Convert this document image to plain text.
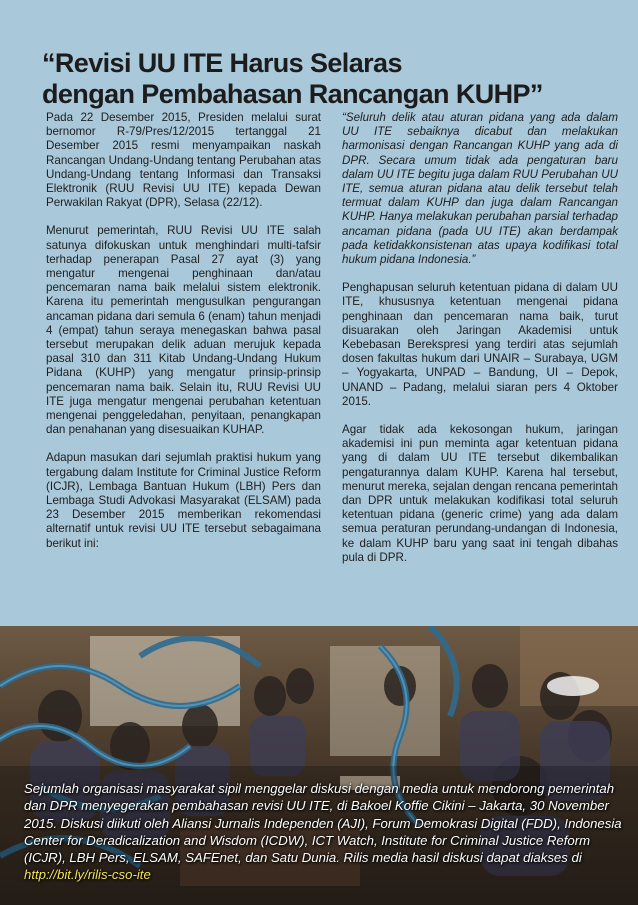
“Revisi UU ITE Harus Selaras
dengan Pembahasan Rancangan KUHP”

Pada 22 Desember 2015, Presiden melalui surat bernomor R-79/Pres/12/2015 tertanggal 21 Desember 2015 resmi menyampaikan naskah Rancangan Undang-Undang tentang Perubahan atas Undang-Undang tentang Informasi dan Transaksi Elektronik (RUU Revisi UU ITE) kepada Dewan Perwakilan Rakyat (DPR), Selasa (22/12).

Menurut pemerintah, RUU Revisi UU ITE salah satunya difokuskan untuk menghindari multi-tafsir terhadap penerapan Pasal 27 ayat (3) yang mengatur mengenai penghinaan dan/atau pencemaran nama baik melalui sistem elektronik. Karena itu pemerintah mengusulkan pengurangan ancaman pidana dari semula 6 (enam) tahun menjadi 4 (empat) tahun seraya menegaskan bahwa pasal tersebut merupakan delik aduan merujuk kepada pasal 310 dan 311 Kitab Undang-Undang Hukum Pidana (KUHP) yang mengatur prinsip-prinsip pencemaran nama baik. Selain itu, RUU Revisi UU ITE juga mengatur mengenai perubahan ketentuan mengenai penggeledahan, penyitaan, penangkapan dan penahanan yang disesuaikan KUHAP.

Adapun masukan dari sejumlah praktisi hukum yang tergabung dalam Institute for Criminal Justice Reform (ICJR), Lembaga Bantuan Hukum (LBH) Pers dan Lembaga Studi Advokasi Masyarakat (ELSAM) pada 23 Desember 2015 memberikan rekomendasi alternatif untuk revisi UU ITE tersebut sebagaimana berikut ini:

“Seluruh delik atau aturan pidana yang ada dalam UU ITE sebaiknya dicabut dan melakukan harmonisasi dengan Rancangan KUHP yang ada di DPR. Secara umum tidak ada pengaturan baru dalam UU ITE begitu juga dalam RUU Perubahan UU ITE, semua aturan pidana atau delik tersebut telah termuat dalam KUHP dan juga dalam Rancangan KUHP. Hanya melakukan perubahan parsial terhadap ancaman pidana (pada UU ITE) akan berdampak pada ketidakkonsistenan atas upaya kodifikasi total hukum pidana Indonesia.”

Penghapusan seluruh ketentuan pidana di dalam UU ITE, khususnya ketentuan mengenai pidana penghinaan dan pencemaran nama baik, turut disuarakan oleh Jaringan Akademisi untuk Kebebasan Berekspresi yang terdiri atas sejumlah dosen fakultas hukum dari UNAIR – Surabaya, UGM – Yogyakarta, UNPAD – Bandung, UI – Depok, UNAND – Padang, melalui siaran pers 4 Oktober 2015.

Agar tidak ada kekosongan hukum, jaringan akademisi ini pun meminta agar ketentuan pidana yang di dalam UU ITE tersebut dikembalikan pengaturannya dalam KUHP. Karena hal tersebut, menurut mereka, sejalan dengan rencana pemerintah dan DPR untuk melakukan kodifikasi total seluruh ketentuan pidana (generic crime) yang ada dalam semua peraturan perundang-undangan di Indonesia, ke dalam KUHP baru yang saat ini tengah dibahas pula di DPR.

Sejumlah organisasi masyarakat sipil menggelar diskusi dengan media untuk mendorong pemerintah dan DPR menyegerakan pembahasan revisi UU ITE, di Bakoel Koffie Cikini – Jakarta, 30 November 2015. Diskusi diikuti oleh Aliansi Jurnalis Independen (AJI), Forum Demokrasi Digital (FDD), Indonesia Center for Deradicalization and Wisdom (ICDW), ICT Watch, Institute for Criminal Justice Reform (ICJR), LBH Pers, ELSAM, SAFEnet, dan Satu Dunia. Rilis media hasil diskusi dapat diakses di  http://bit.ly/rilis-cso-ite
